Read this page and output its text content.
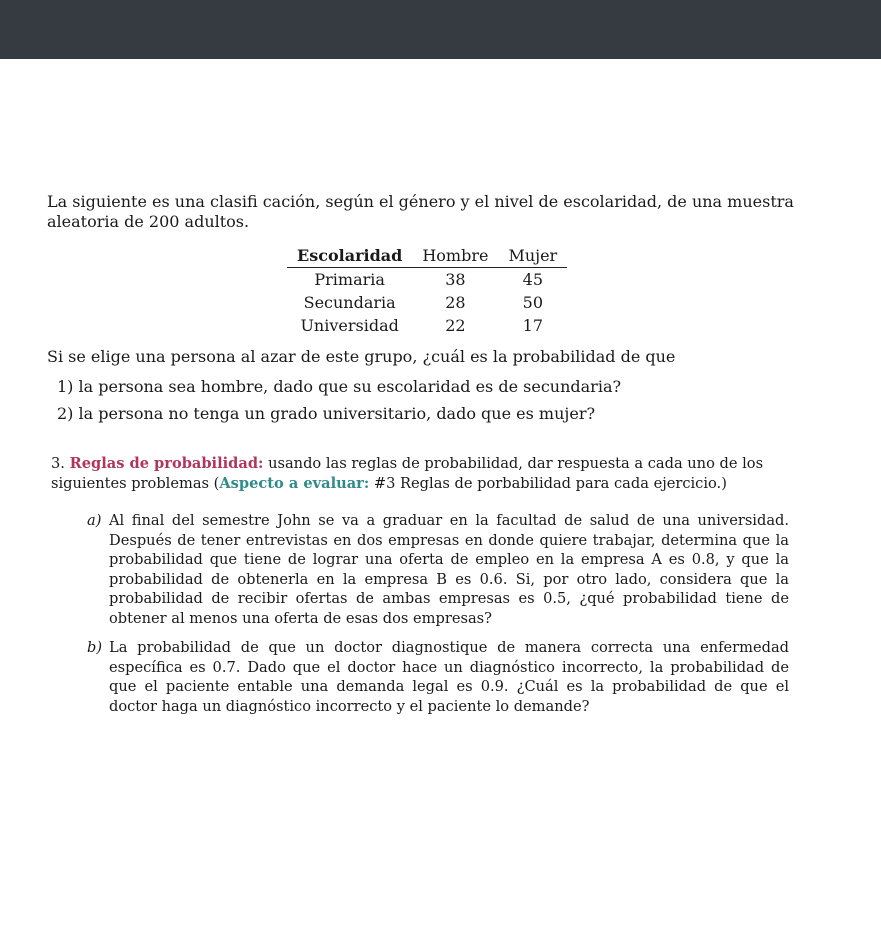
La siguiente es una clasifi cación, según el género y el nivel de escolaridad, de una muestra aleatoria de 200 adultos.
Escolaridad	Hombre	Mujer
Primaria	38	45
Secundaria	28	50
Universidad	22	17
Si se elige una persona al azar de este grupo, ¿cuál es la probabilidad de que
1) la persona sea hombre, dado que su escolaridad es de secundaria?
2) la persona no tenga un grado universitario, dado que es mujer?
3. Reglas de probabilidad: usando las reglas de probabilidad, dar respuesta a cada uno de los siguientes problemas (Aspecto a evaluar: #3 Reglas de porbabilidad para cada ejercicio.)
a) Al final del semestre John se va a graduar en la facultad de salud de una universidad. Después de tener entrevistas en dos empresas en donde quiere trabajar, determina que la probabilidad que tiene de lograr una oferta de empleo en la empresa A es 0.8, y que la probabilidad de obtenerla en la empresa B es 0.6. Si, por otro lado, considera que la probabilidad de recibir ofertas de ambas empresas es 0.5, ¿qué probabilidad tiene de obtener al menos una oferta de esas dos empresas?
b) La probabilidad de que un doctor diagnostique de manera correcta una enfermedad específica es 0.7. Dado que el doctor hace un diagnóstico incorrecto, la probabilidad de que el paciente entable una demanda legal es 0.9. ¿Cuál es la probabilidad de que el doctor haga un diagnóstico incorrecto y el paciente lo demande?
